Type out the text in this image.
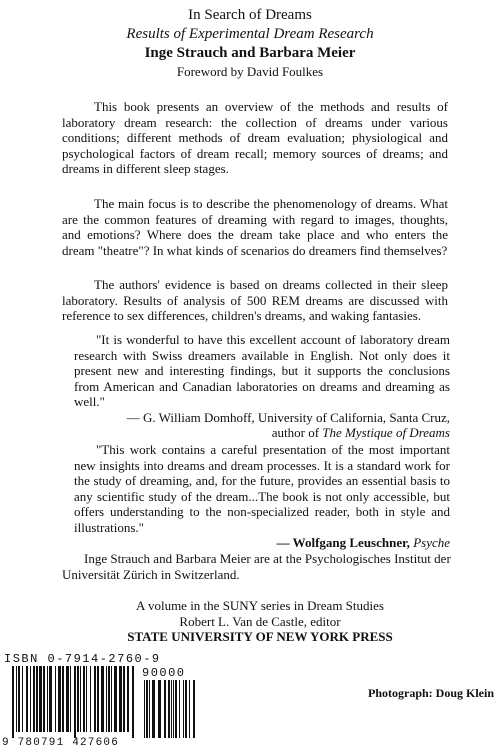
In Search of Dreams
Results of Experimental Dream Research
Inge Strauch and Barbara Meier
Foreword by David Foulkes

This book presents an overview of the methods and results of laboratory dream research: the collection of dreams under various conditions; different methods of dream evaluation; physiological and psychological factors of dream recall; memory sources of dreams; and dreams in different sleep stages.

The main focus is to describe the phenomenology of dreams. What are the common features of dreaming with regard to images, thoughts, and emotions? Where does the dream take place and who enters the dream "theatre"? In what kinds of scenarios do dreamers find themselves?

The authors' evidence is based on dreams collected in their sleep laboratory. Results of analysis of 500 REM dreams are discussed with reference to sex differences, children's dreams, and waking fantasies.

"It is wonderful to have this excellent account of laboratory dream research with Swiss dreamers available in English. Not only does it present new and interesting findings, but it supports the conclusions from American and Canadian laboratories on dreams and dreaming as well."

— G. William Domhoff, University of California, Santa Cruz,
author of The Mystique of Dreams

"This work contains a careful presentation of the most important new insights into dreams and dream processes. It is a standard work for the study of dreaming, and, for the future, provides an essential basis to any scientific study of the dream...The book is not only accessible, but offers understanding to the non-specialized reader, both in style and illustrations."

— Wolfgang Leuschner, Psyche

Inge Strauch and Barbara Meier are at the Psychologisches Institut der Universität Zürich in Switzerland.

A volume in the SUNY series in Dream Studies
Robert L. Van de Castle, editor
STATE UNIVERSITY OF NEW YORK PRESS
ISBN 0-7914-2760-9
90000
9 780791 427606
Photograph: Doug Klein
